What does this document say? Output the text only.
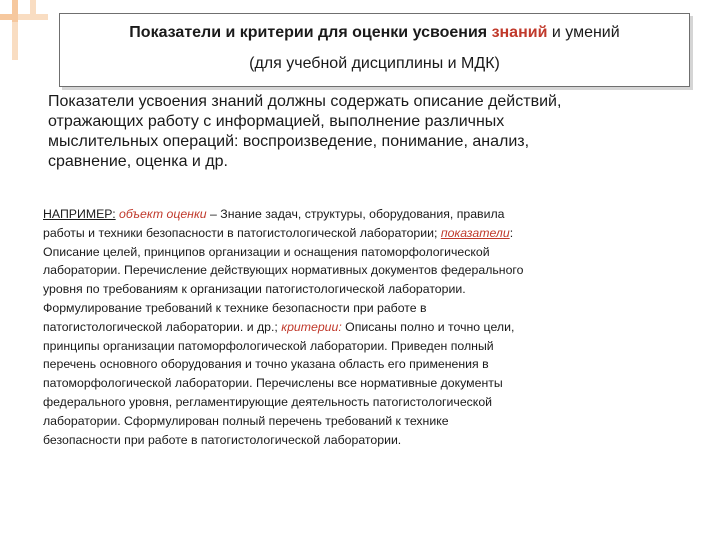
Показатели и критерии для оценки усвоения знаний и умений
(для учебной дисциплины и МДК)
Показатели усвоения знаний должны содержать описание действий,
отражающих работу с информацией, выполнение различных
мыслительных операций: воспроизведение, понимание, анализ,
сравнение, оценка и др.
НАПРИМЕР: объект оценки – Знание задач, структуры, оборудования, правила
работы и техники безопасности в патогистологической лаборатории; показатели:
Описание целей, принципов организации и оснащения патоморфологической
лаборатории. Перечисление действующих нормативных документов федерального
уровня по требованиям к организации патогистологической лаборатории.
Формулирование требований к технике безопасности при работе в
патогистологической лаборатории. и др.; критерии: Описаны полно и точно цели,
принципы организации патоморфологической лаборатории. Приведен полный
перечень основного оборудования и точно указана область его применения в
патоморфологической лаборатории. Перечислены все нормативные документы
федерального уровня, регламентирующие деятельность патогистологической
лаборатории. Сформулирован полный перечень требований к технике
безопасности при работе в патогистологической лаборатории.
